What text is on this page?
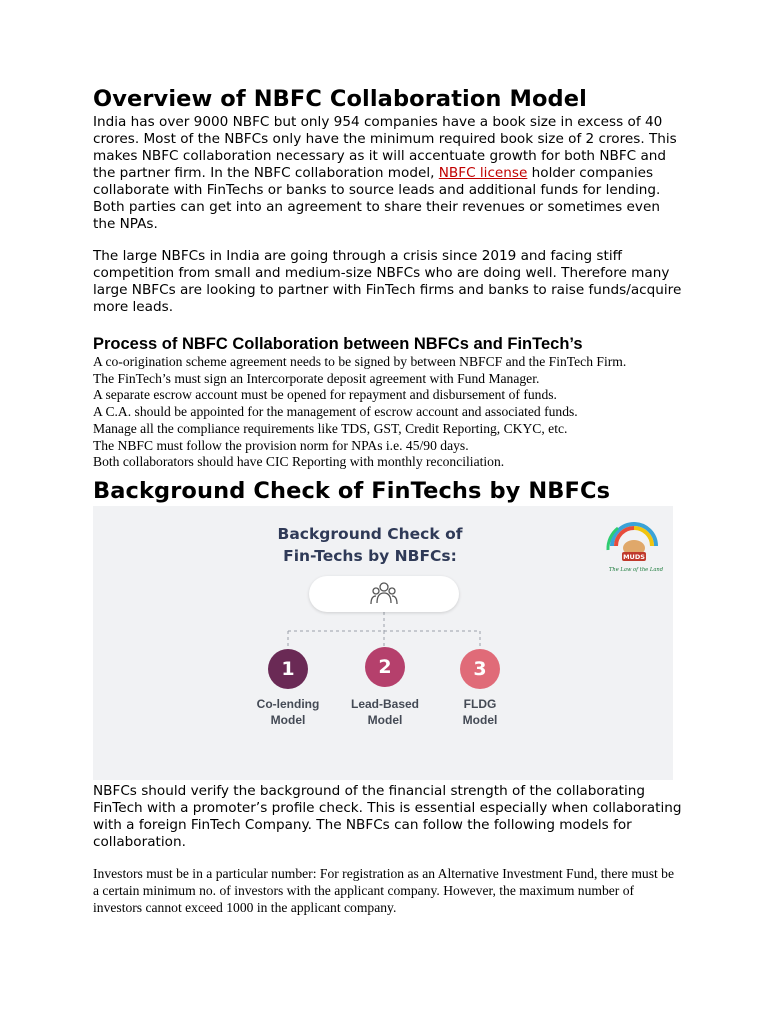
Overview of NBFC Collaboration Model

India has over 9000 NBFC but only 954 companies have a book size in excess of 40 crores. Most of the NBFCs only have the minimum required book size of 2 crores. This makes NBFC collaboration necessary as it will accentuate growth for both NBFC and the partner firm. In the NBFC collaboration model, NBFC license holder companies collaborate with FinTechs or banks to source leads and additional funds for lending. Both parties can get into an agreement to share their revenues or sometimes even the NPAs.

The large NBFCs in India are going through a crisis since 2019 and facing stiff competition from small and medium-size NBFCs who are doing well. Therefore many large NBFCs are looking to partner with FinTech firms and banks to raise funds/acquire more leads.

Process of NBFC Collaboration between NBFCs and FinTech’s
A co-origination scheme agreement needs to be signed by between NBFCF and the FinTech Firm.
The FinTech’s must sign an Intercorporate deposit agreement with Fund Manager.
A separate escrow account must be opened for repayment and disbursement of funds.
A C.A. should be appointed for the management of escrow account and associated funds.
Manage all the compliance requirements like TDS, GST, Credit Reporting, CKYC, etc.
The NBFC must follow the provision norm for NPAs i.e. 45/90 days.
Both collaborators should have CIC Reporting with monthly reconciliation.
Background Check of FinTechs by NBFCs

Background Check of
Fin-Techs by NBFCs:

1	2	3

Co-lending
Model

Lead-Based
Model

FLDG
Model

MUDS
The Law of the Land

NBFCs should verify the background of the financial strength of the collaborating FinTech with a promoter’s profile check. This is essential especially when collaborating with a foreign FinTech Company. The NBFCs can follow the following models for collaboration.

Investors must be in a particular number: For registration as an Alternative Investment Fund, there must be a certain minimum no. of investors with the applicant company. However, the maximum number of investors cannot exceed 1000 in the applicant company.
